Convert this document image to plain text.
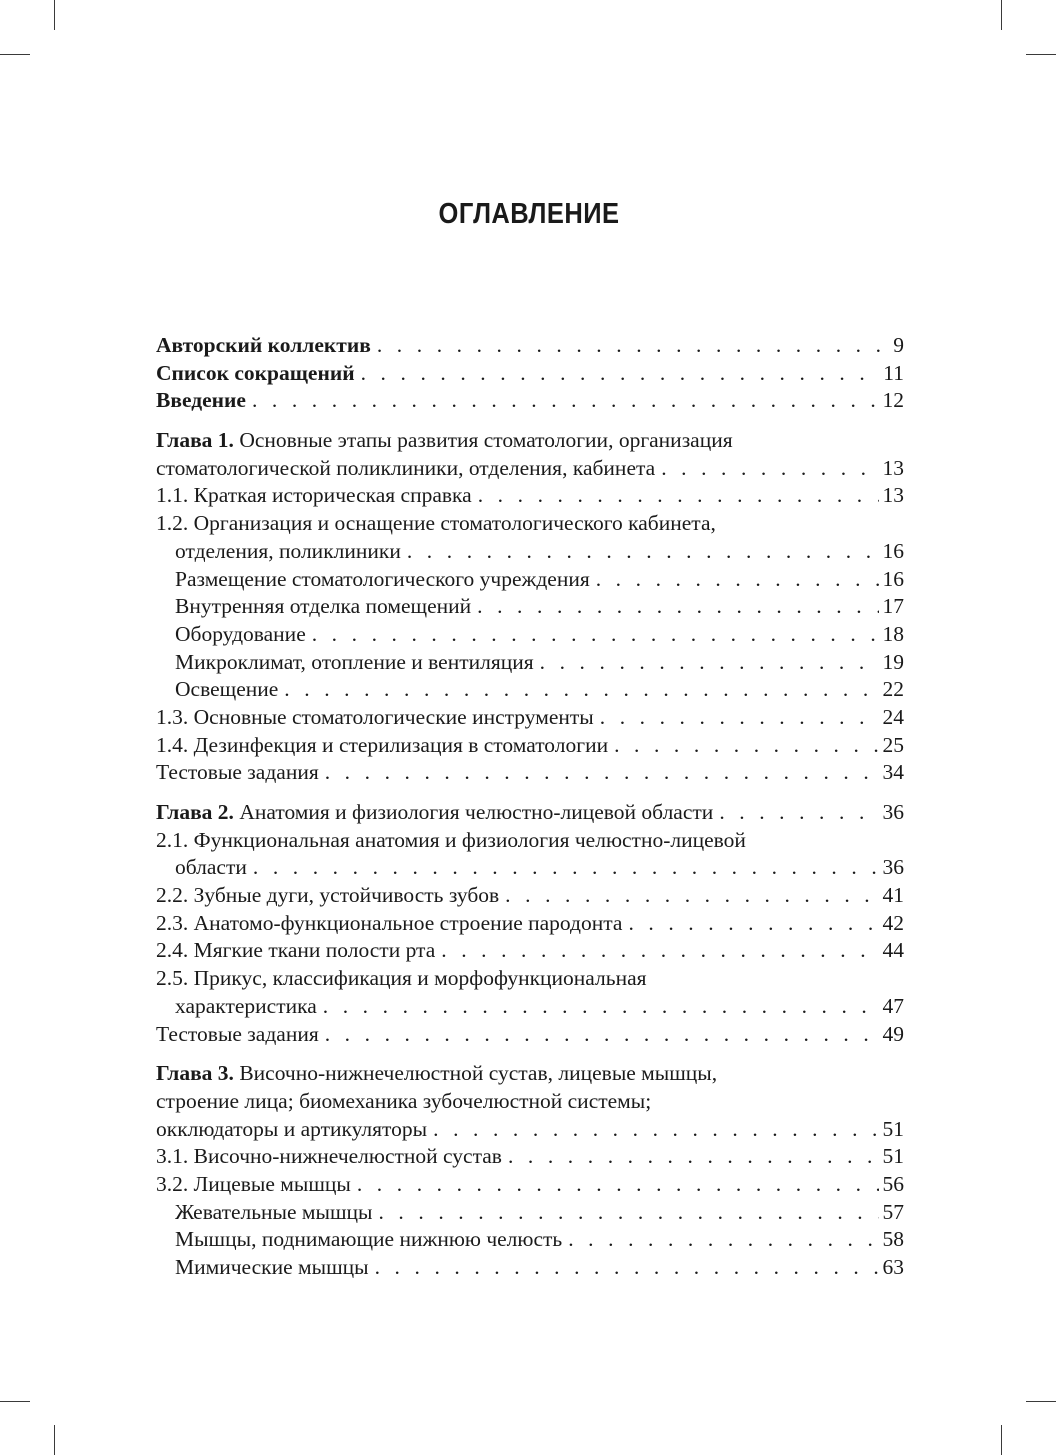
ОГЛАВЛЕНИЕ
Авторский коллектив . . .	9
Список сокращений . . .	11
Введение . . .	12
Глава 1. Основные этапы развития стоматологии, организация
стоматологической поликлиники, отделения, кабинета . . .	13
1.1. Краткая историческая справка . . .	13
1.2. Организация и оснащение стоматологического кабинета,
отделения, поликлиники . . .	16
Размещение стоматологического учреждения . . .	16
Внутренняя отделка помещений . . .	17
Оборудование . . .	18
Микроклимат, отопление и вентиляция . . .	19
Освещение . . .	22
1.3. Основные стоматологические инструменты . . .	24
1.4. Дезинфекция и стерилизация в стоматологии . . .	25
Тестовые задания . . .	34
Глава 2. Анатомия и физиология челюстно-лицевой области . . .	36
2.1. Функциональная анатомия и физиология челюстно-лицевой
области . . .	36
2.2. Зубные дуги, устойчивость зубов . . .	41
2.3. Анатомо-функциональное строение пародонта . . .	42
2.4. Мягкие ткани полости рта . . .	44
2.5. Прикус, классификация и морфофункциональная
характеристика . . .	47
Тестовые задания . . .	49
Глава 3. Височно-нижнечелюстной сустав, лицевые мышцы,
строение лица; биомеханика зубочелюстной системы;
окклюдаторы и артикуляторы . . .	51
3.1. Височно-нижнечелюстной сустав . . .	51
3.2. Лицевые мышцы . . .	56
Жевательные мышцы . . .	57
Мышцы, поднимающие нижнюю челюсть . . .	58
Мимические мышцы . . .	63
